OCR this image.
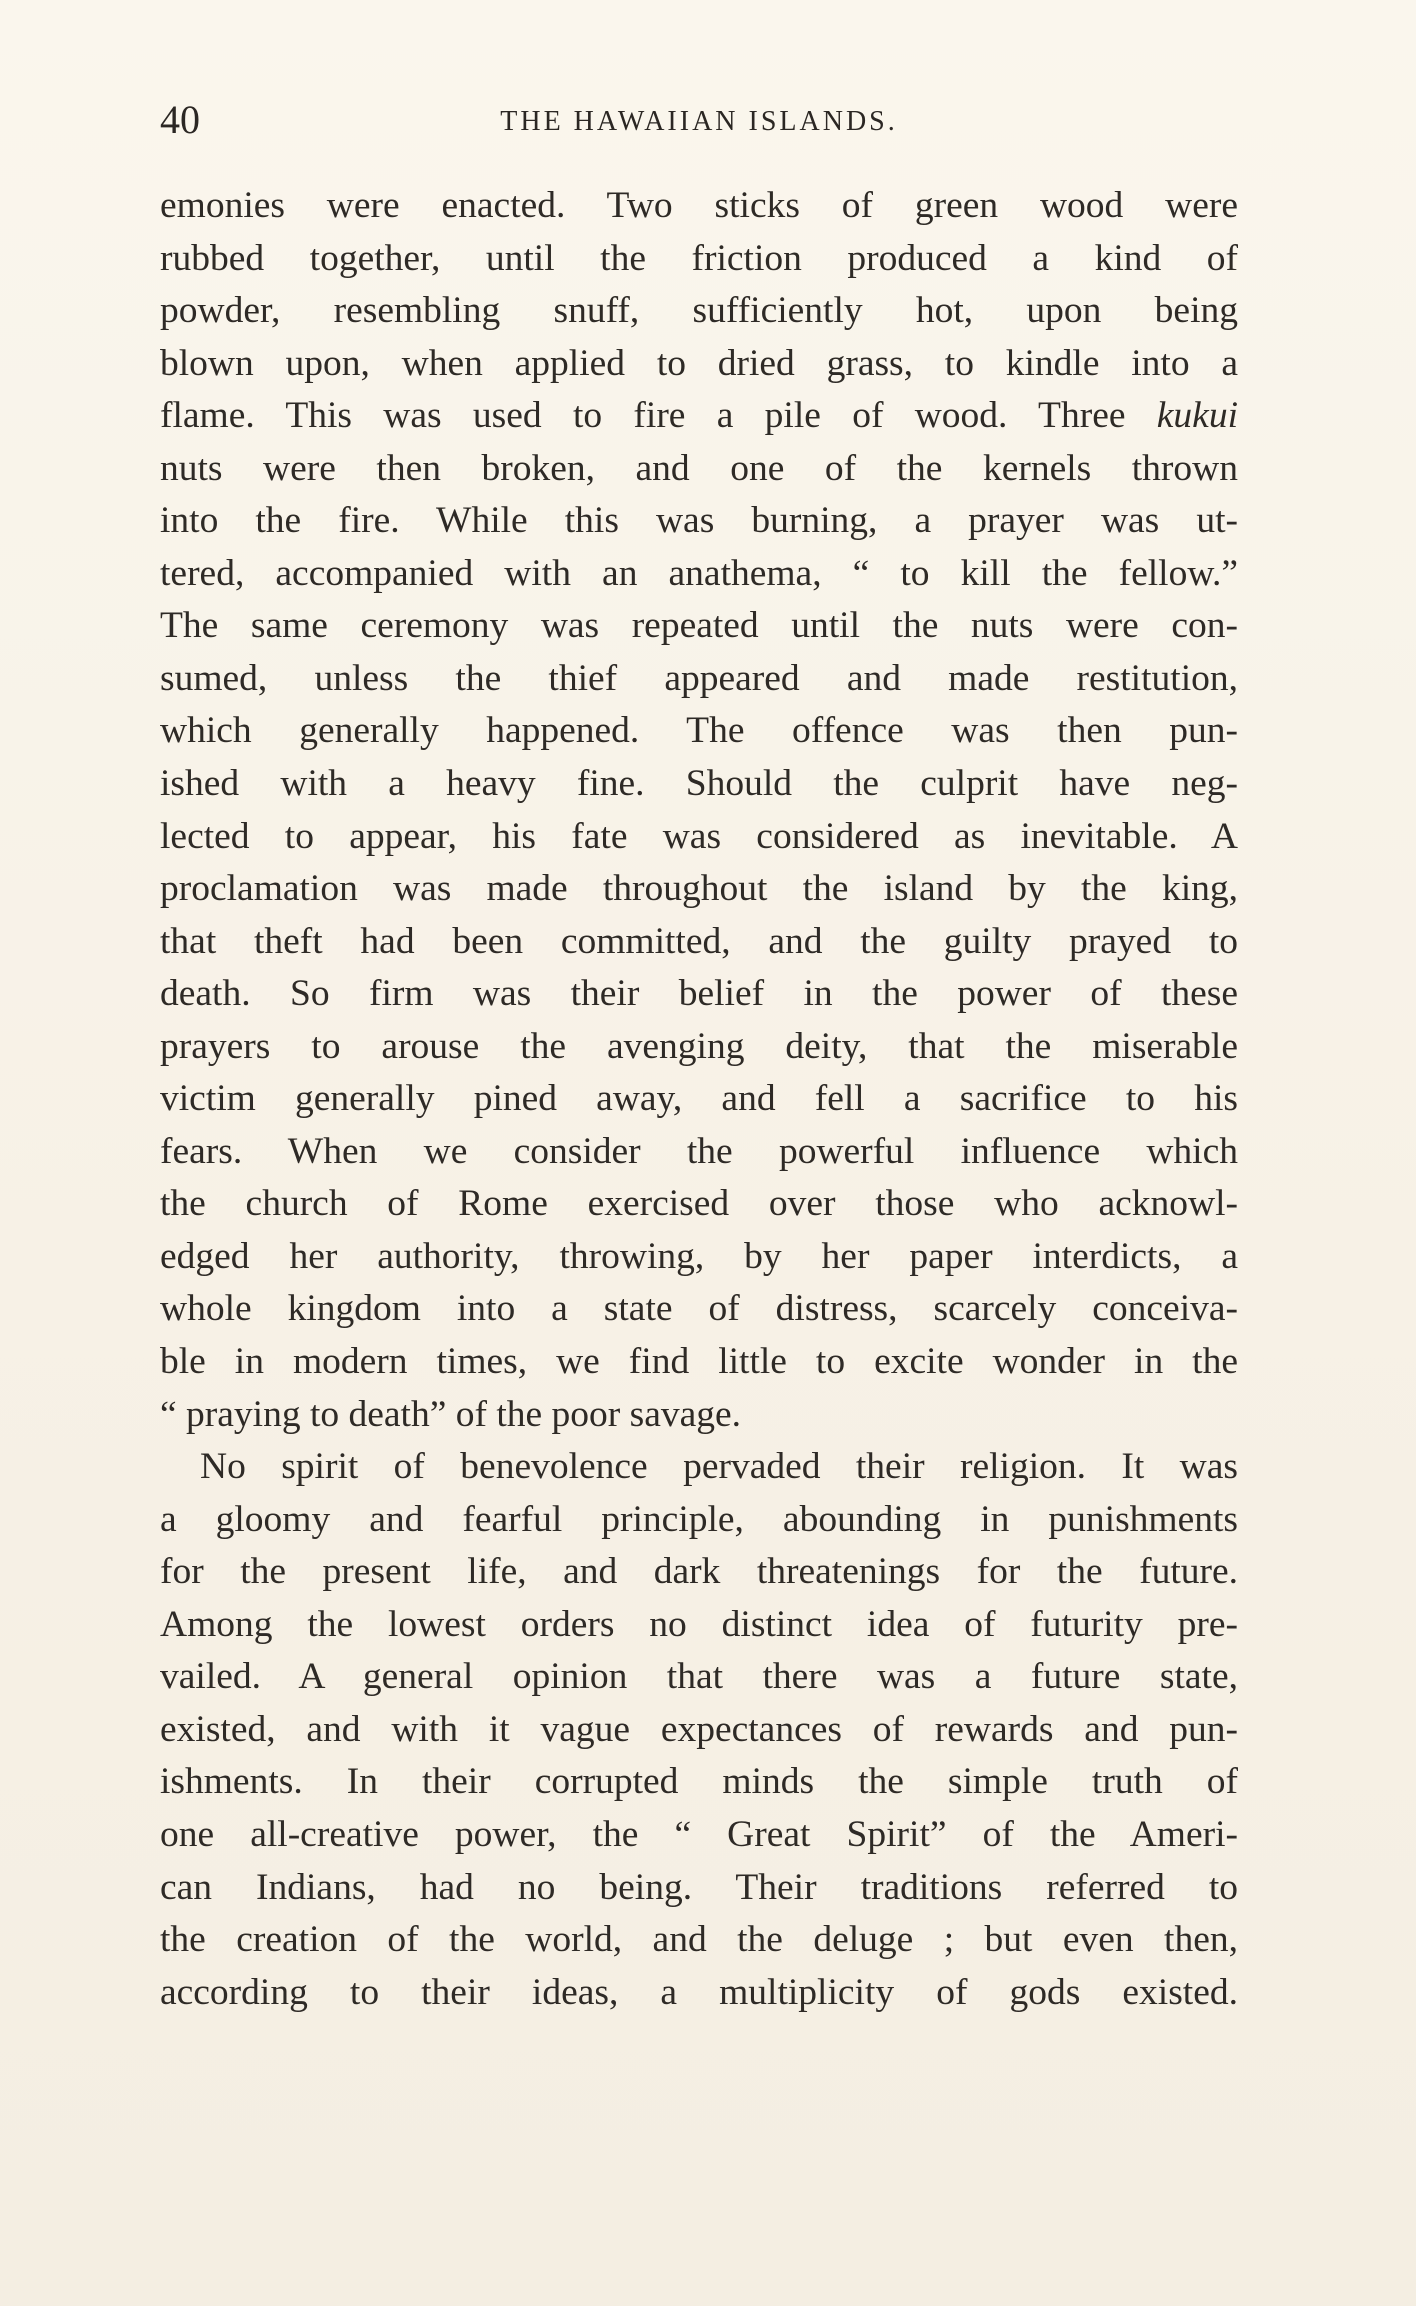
40	THE HAWAIIAN ISLANDS.
emonies were enacted. Two sticks of green wood were
rubbed together, until the friction produced a kind of
powder, resembling snuff, sufficiently hot, upon being
blown upon, when applied to dried grass, to kindle into a
flame. This was used to fire a pile of wood. Three kukui
nuts were then broken, and one of the kernels thrown
into the fire. While this was burning, a prayer was ut-
tered, accompanied with an anathema, “ to kill the fellow.”
The same ceremony was repeated until the nuts were con-
sumed, unless the thief appeared and made restitution,
which generally happened. The offence was then pun-
ished with a heavy fine. Should the culprit have neg-
lected to appear, his fate was considered as inevitable. A
proclamation was made throughout the island by the king,
that theft had been committed, and the guilty prayed to
death. So firm was their belief in the power of these
prayers to arouse the avenging deity, that the miserable
victim generally pined away, and fell a sacrifice to his
fears. When we consider the powerful influence which
the church of Rome exercised over those who acknowl-
edged her authority, throwing, by her paper interdicts, a
whole kingdom into a state of distress, scarcely conceiva-
ble in modern times, we find little to excite wonder in the
“ praying to death” of the poor savage.
No spirit of benevolence pervaded their religion. It was
a gloomy and fearful principle, abounding in punishments
for the present life, and dark threatenings for the future.
Among the lowest orders no distinct idea of futurity pre-
vailed. A general opinion that there was a future state,
existed, and with it vague expectances of rewards and pun-
ishments. In their corrupted minds the simple truth of
one all-creative power, the “ Great Spirit” of the Ameri-
can Indians, had no being. Their traditions referred to
the creation of the world, and the deluge ; but even then,
according to their ideas, a multiplicity of gods existed.
